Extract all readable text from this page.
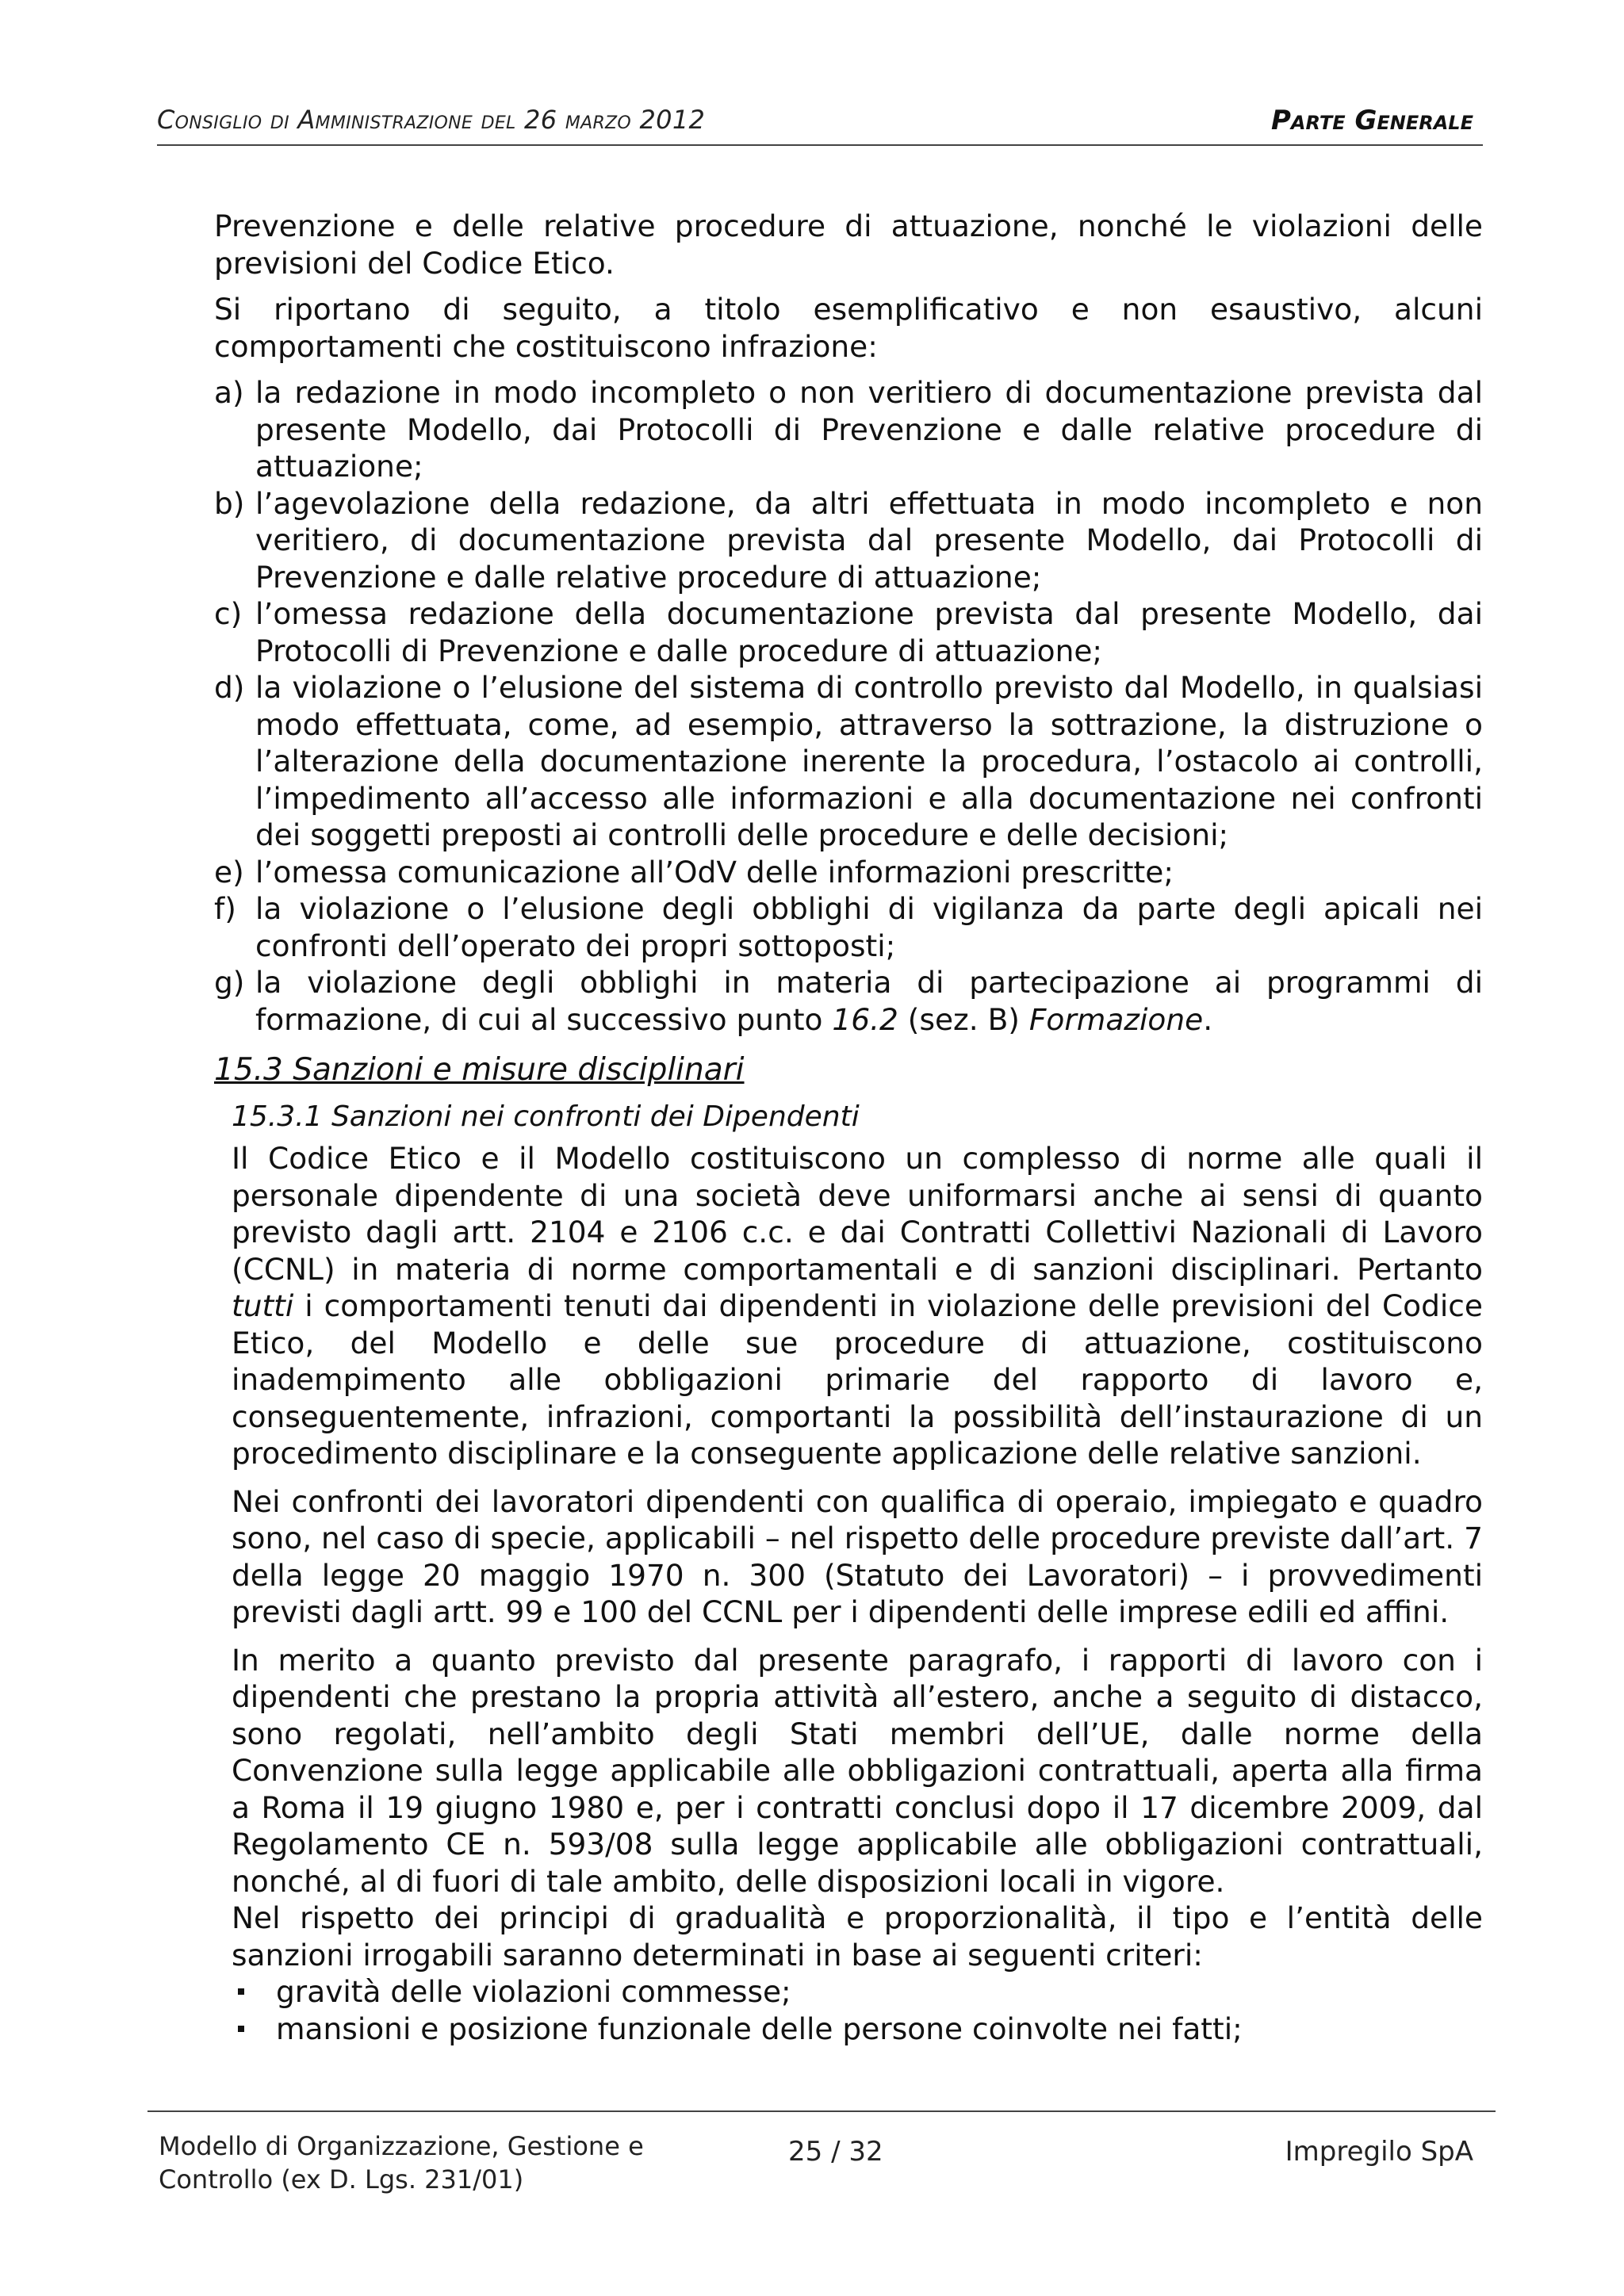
Consiglio di Amministrazione del 26 marzo 2012	Parte Generale

Prevenzione e delle relative procedure di attuazione, nonché le violazioni delle previsioni del Codice Etico.

Si riportano di seguito, a titolo esemplificativo e non esaustivo, alcuni comportamenti che costituiscono infrazione:

a) la redazione in modo incompleto o non veritiero di documentazione prevista dal presente Modello, dai Protocolli di Prevenzione e dalle relative procedure di attuazione;
b) l’agevolazione della redazione, da altri effettuata in modo incompleto e non veritiero, di documentazione prevista dal presente Modello, dai Protocolli di Prevenzione e dalle relative procedure di attuazione;
c) l’omessa redazione della documentazione prevista dal presente Modello, dai Protocolli di Prevenzione e dalle procedure di attuazione;
d) la violazione o l’elusione del sistema di controllo previsto dal Modello, in qualsiasi modo effettuata, come, ad esempio, attraverso la sottrazione, la distruzione o l’alterazione della documentazione inerente la procedura, l’ostacolo ai controlli, l’impedimento all’accesso alle informazioni e alla documentazione nei confronti dei soggetti preposti ai controlli delle procedure e delle decisioni;
e) l’omessa comunicazione all’OdV delle informazioni prescritte;
f) la violazione o l’elusione degli obblighi di vigilanza da parte degli apicali nei confronti dell’operato dei propri sottoposti;
g) la violazione degli obblighi in materia di partecipazione ai programmi di formazione, di cui al successivo punto 16.2 (sez. B) Formazione.
15.3 Sanzioni e misure disciplinari
15.3.1 Sanzioni nei confronti dei Dipendenti

Il Codice Etico e il Modello costituiscono un complesso di norme alle quali il personale dipendente di una società deve uniformarsi anche ai sensi di quanto previsto dagli artt. 2104 e 2106 c.c. e dai Contratti Collettivi Nazionali di Lavoro (CCNL) in materia di norme comportamentali e di sanzioni disciplinari. Pertanto tutti i comportamenti tenuti dai dipendenti in violazione delle previsioni del Codice Etico, del Modello e delle sue procedure di attuazione, costituiscono inadempimento alle obbligazioni primarie del rapporto di lavoro e, conseguentemente, infrazioni, comportanti la possibilità dell’instaurazione di un procedimento disciplinare e la conseguente applicazione delle relative sanzioni.

Nei confronti dei lavoratori dipendenti con qualifica di operaio, impiegato e quadro sono, nel caso di specie, applicabili – nel rispetto delle procedure previste dall’art. 7 della legge 20 maggio 1970 n. 300 (Statuto dei Lavoratori) – i provvedimenti previsti dagli artt. 99 e 100 del CCNL per i dipendenti delle imprese edili ed affini.

In merito a quanto previsto dal presente paragrafo, i rapporti di lavoro con i dipendenti che prestano la propria attività all’estero, anche a seguito di distacco, sono regolati, nell’ambito degli Stati membri dell’UE, dalle norme della Convenzione sulla legge applicabile alle obbligazioni contrattuali, aperta alla firma a Roma il 19 giugno 1980 e, per i contratti conclusi dopo il 17 dicembre 2009, dal Regolamento CE n. 593/08 sulla legge applicabile alle obbligazioni contrattuali, nonché, al di fuori di tale ambito, delle disposizioni locali in vigore.

Nel rispetto dei principi di gradualità e proporzionalità, il tipo e l’entità delle sanzioni irrogabili saranno determinati in base ai seguenti criteri:

gravità delle violazioni commesse;
mansioni e posizione funzionale delle persone coinvolte nei fatti;
Modello di Organizzazione, Gestione e
Controllo (ex D. Lgs. 231/01)
25 / 32	Impregilo SpA
